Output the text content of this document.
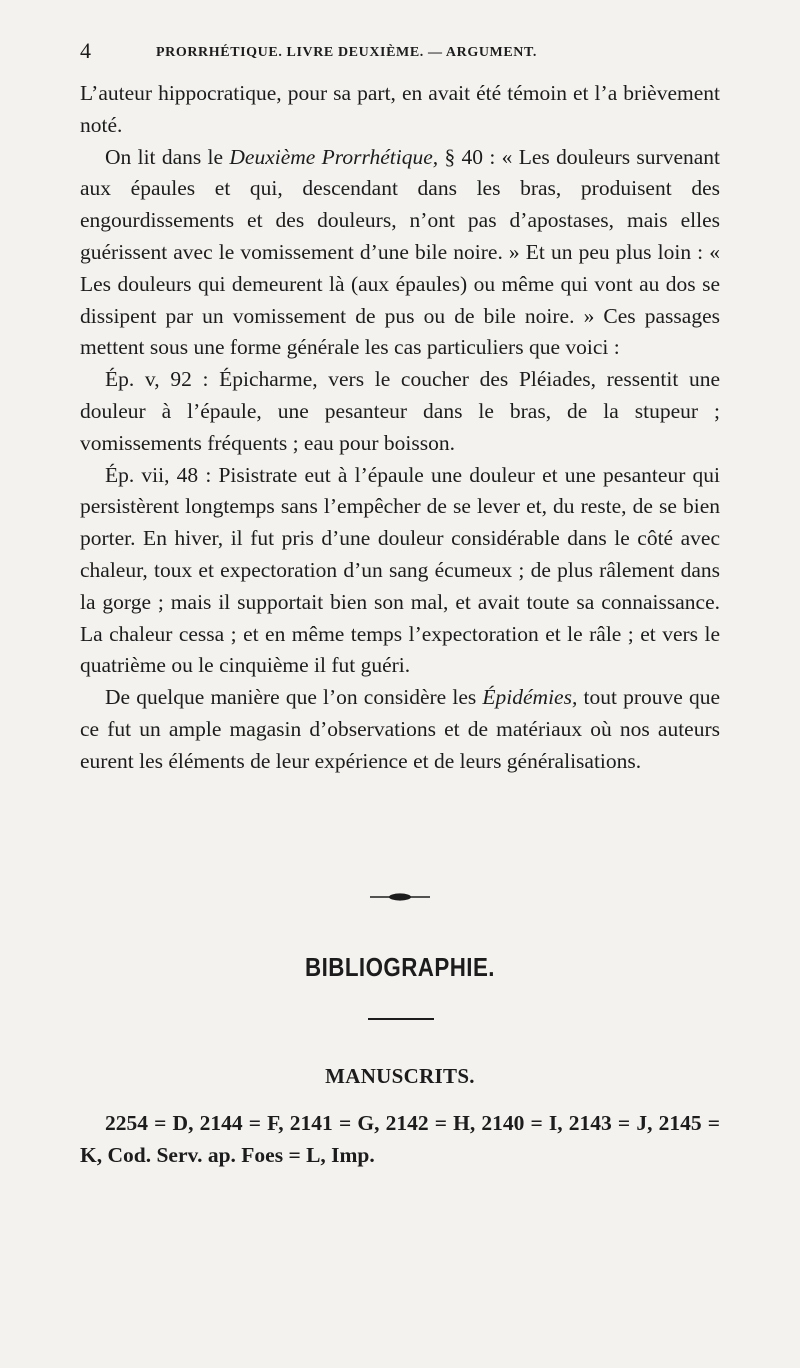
4	PRORRHÉTIQUE. LIVRE DEUXIÈME. — ARGUMENT.

L’auteur hippocratique, pour sa part, en avait été témoin et l’a brièvement noté.

On lit dans le Deuxième Prorrhétique, § 40 : « Les douleurs survenant aux épaules et qui, descendant dans les bras, produisent des engourdissements et des douleurs, n’ont pas d’apostases, mais elles guérissent avec le vomissement d’une bile noire. » Et un peu plus loin : « Les douleurs qui demeurent là (aux épaules) ou même qui vont au dos se dissipent par un vomissement de pus ou de bile noire. » Ces passages mettent sous une forme générale les cas particuliers que voici :

Ép. v, 92 : Épicharme, vers le coucher des Pléiades, ressentit une douleur à l’épaule, une pesanteur dans le bras, de la stupeur ; vomissements fréquents ; eau pour boisson.

Ép. vii, 48 : Pisistrate eut à l’épaule une douleur et une pesanteur qui persistèrent longtemps sans l’empêcher de se lever et, du reste, de se bien porter. En hiver, il fut pris d’une douleur considérable dans le côté avec chaleur, toux et expectoration d’un sang écumeux ; de plus râlement dans la gorge ; mais il supportait bien son mal, et avait toute sa connaissance. La chaleur cessa ; et en même temps l’expectoration et le râle ; et vers le quatrième ou le cinquième il fut guéri.

De quelque manière que l’on considère les Épidémies, tout prouve que ce fut un ample magasin d’observations et de matériaux où nos auteurs eurent les éléments de leur expérience et de leurs généralisations.

BIBLIOGRAPHIE.
MANUSCRITS.

2254 = D, 2144 = F, 2141 = G, 2142 = H, 2140 = I, 2143 = J, 2145 = K, Cod. Serv. ap. Foes = L, Imp.
